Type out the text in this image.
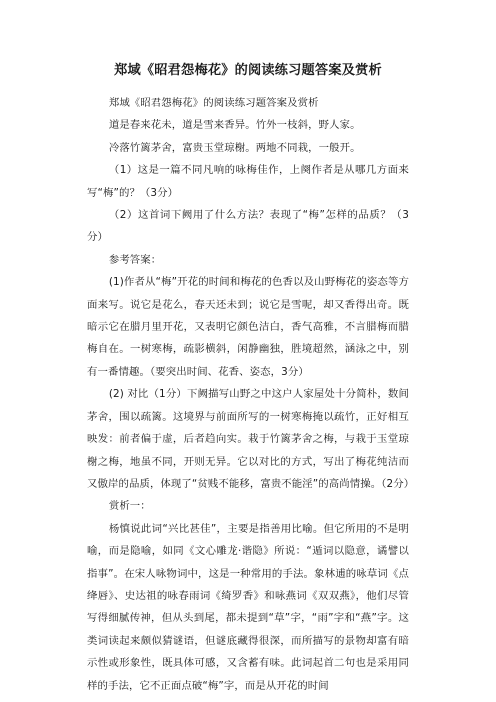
郑域《昭君怨梅花》的阅读练习题答案及赏析

郑域《昭君怨梅花》的阅读练习题答案及赏析

道是春来花未，道是雪来香异。竹外一枝斜，野人家。

冷落竹篱茅舍，富贵玉堂琼榭。两地不同栽，一般开。

（1）这是一篇不同凡响的咏梅佳作，上阕作者是从哪几方面来写“梅”的？（3分）

（2）这首词下阙用了什么方法？表现了“梅”怎样的品质？（3分）

参考答案：

(1)作者从“梅”开花的时间和梅花的色香以及山野梅花的姿态等方面来写。说它是花么，春天还未到；说它是雪呢，却又香得出奇。既暗示它在腊月里开花，又表明它颜色洁白，香气高雅，不言腊梅而腊梅自在。一树寒梅，疏影横斜，闲静幽独，胜境超然，涵泳之中，别有一番情趣。（要突出时间、花香、姿态，3分）

(2) 对比（1分）下阙描写山野之中这户人家屋处十分简朴，数间茅舍，围以疏篱。这境界与前面所写的一树寒梅掩以疏竹，正好相互映发：前者偏于虚，后者趋向实。栽于竹篱茅舍之梅，与栽于玉堂琼榭之梅，地虽不同，开则无异。它以对比的方式，写出了梅花纯洁而又傲岸的品质，体现了“贫贱不能移，富贵不能淫”的高尚情操。（2分）

赏析一：

杨慎说此词“兴比甚佳”，主要是指善用比喻。但它所用的不是明喻，而是隐喻，如同《文心雕龙·谐隐》所说：“遁词以隐意，谲譬以指事”。在宋人咏物词中，这是一种常用的手法。象林逋的咏草词《点绛唇》、史达祖的咏春雨词《绮罗香》和咏燕词《双双燕》，他们尽管写得细腻传神，但从头到尾，都未提到“草”字，“雨”字和“燕”字。这类词读起来颇似猜谜语，但谜底藏得很深，而所描写的景物却富有暗示性或形象性，既具体可感，又含蓄有味。此词起首二句也是采用同样的手法，它不正面点破“梅”字，而是从开花的时间
